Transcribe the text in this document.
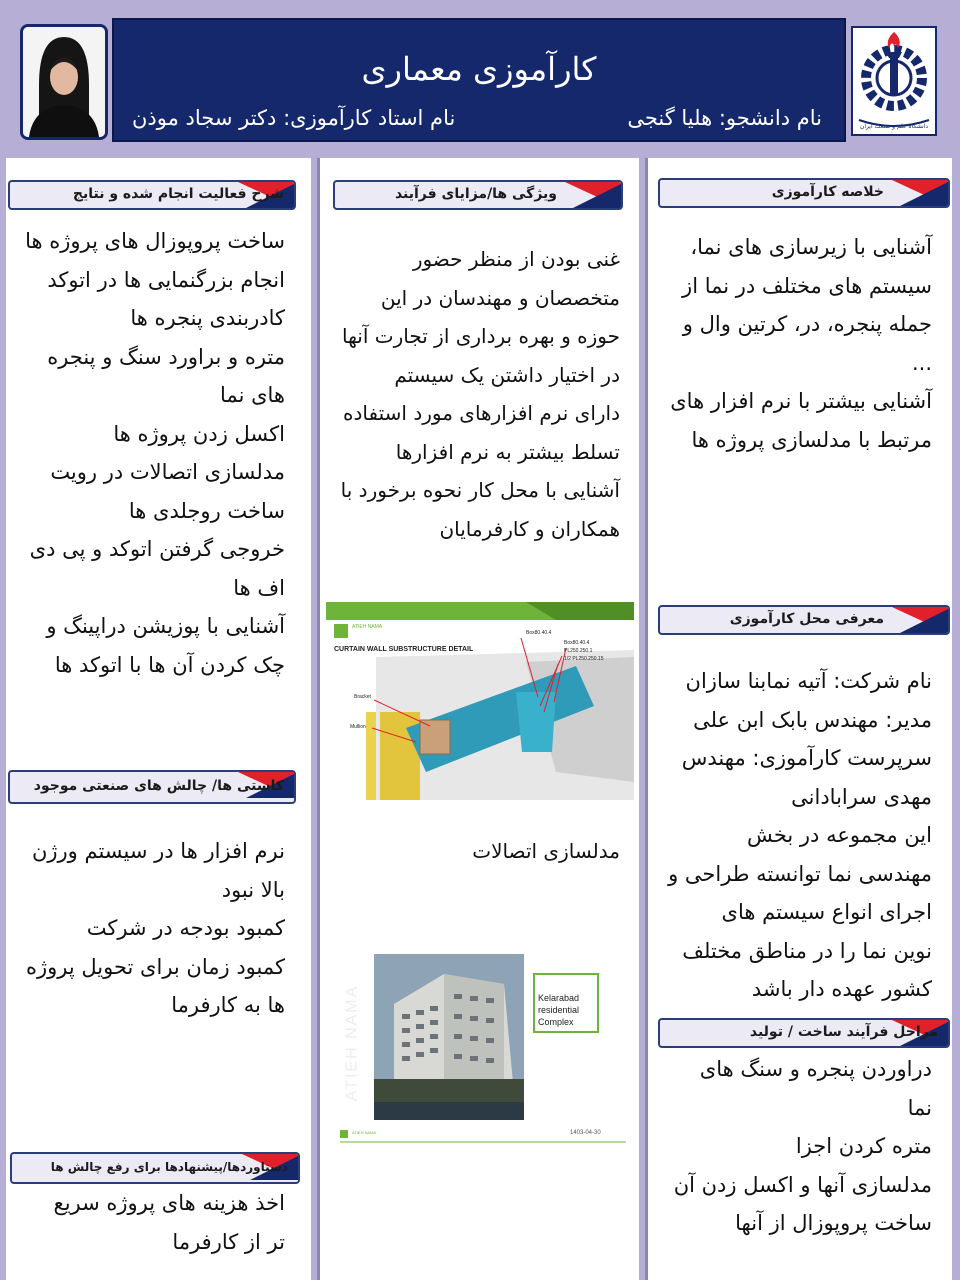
کارآموزی معماری
نام دانشجو: هلیا گنجی
نام استاد کارآموزی: دکتر سجاد موذن	دانشگاه علم و صنعت ایران
خلاصه کارآموزی

آشنایی با زیرسازی های نما،

سیستم های مختلف در نما از

جمله پنجره، در، کرتین وال و

...

آشنایی بیشتر با نرم افزار های

مرتبط با مدلسازی پروژه ها

معرفی محل کارآموزی

نام شرکت: آتیه نمابنا سازان

مدیر: مهندس بابک ابن علی

سرپرست کارآموزی: مهندس

مهدی سرابادانی

این مجموعه در بخش

مهندسی نما توانسته طراحی و

اجرای انواع سیستم های

نوین نما را در مناطق مختلف

کشور عهده دار باشد

مراحل فرآیند ساخت / تولید

دراوردن پنجره و سنگ های

نما

متره کردن اجزا

مدلسازی آنها و اکسل زدن آن

ساخت پروپوزال از آنها

ویژگی ها/مزایای فرآیند

غنی بودن از منظر حضور

متخصصان و مهندسان در این

حوزه و بهره برداری از تجارت آنها

در اختیار داشتن یک سیستم

دارای نرم افزارهای مورد استفاده

تسلط بیشتر به نرم افزارها

آشنایی با محل کار نحوه برخورد با

همکاران و کارفرمایان

ATIEH NAMA
CURTAIN WALL SUBSTRUCTURE DETAIL
Box80.40.4
Box80.40.4
PL250.250.1
1/2 PL250.250.15
Bracket
Mullion
مدلسازی اتصالات
ATIEH NAMA	Kelarabad
residential
Complex
ATIEH NAMA	1403-04-30
شرح فعالیت انجام شده و نتایج

ساخت پروپوزال های پروژه ها

انجام بزرگنمایی ها در اتوکد

کادربندی پنجره ها

متره و براورد سنگ و پنجره

های نما

اکسل زدن پروژه ها

مدلسازی اتصالات در رویت

ساخت روجلدی ها

خروجی گرفتن اتوکد و پی دی

اف ها

آشنایی با پوزیشن دراپینگ و

چک کردن آن ها با اتوکد ها

کاستی ها/ چالش های صنعتی موجود

نرم افزار ها در سیستم ورژن

بالا نبود

کمبود بودجه در شرکت

کمبود زمان برای تحویل پروژه

ها به کارفرما

دستاوردها/پیشنهادها برای رفع چالش ها

اخذ هزینه های پروژه سریع

تر از کارفرما
